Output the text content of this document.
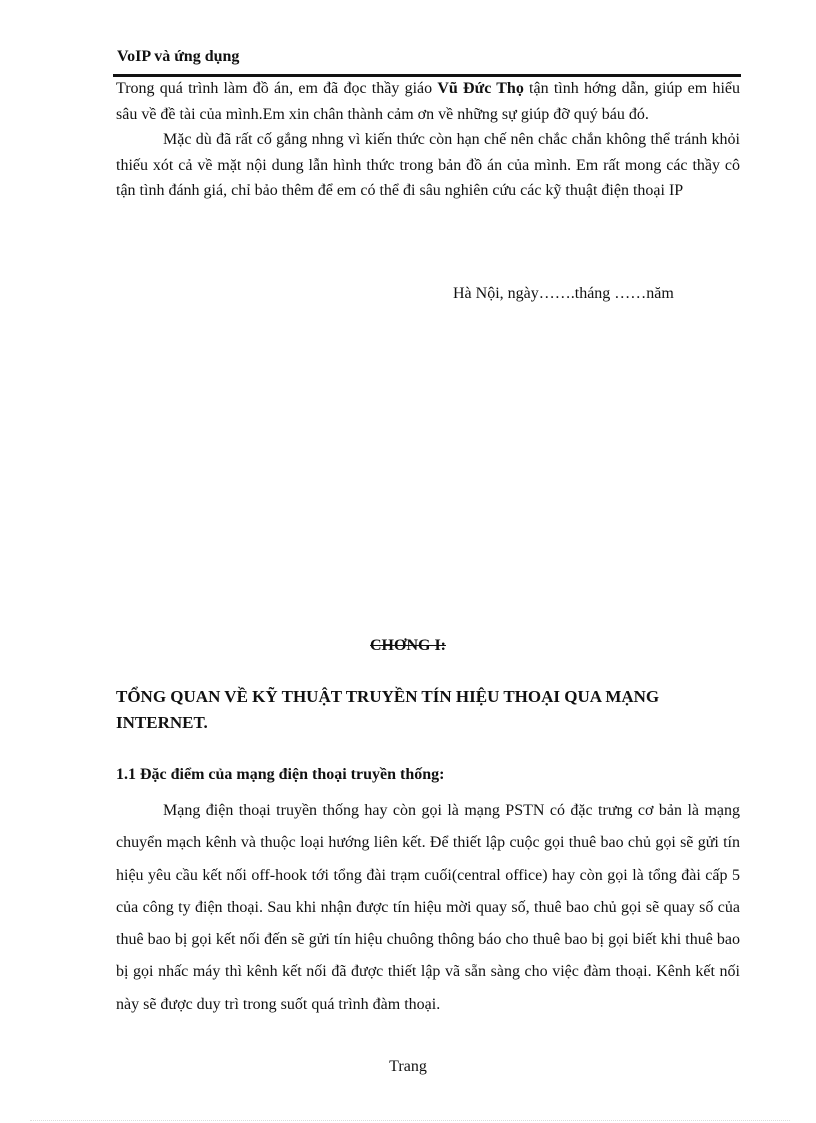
VoIP và ứng dụng

Trong quá trình làm đồ án, em đã đọc thầy giáo Vũ Đức Thọ tận tình hớng dẫn, giúp em hiểu sâu về đề tài của mình.Em xin chân thành cảm ơn về những sự giúp đỡ quý báu đó.

Mặc dù đã rất cố gắng nhng vì kiến thức còn hạn chế nên chắc chắn không thể tránh khỏi thiếu xót cả về mặt nội dung lẫn hình thức trong bản đồ án của mình. Em rất mong các thầy cô tận tình đánh giá, chỉ bảo thêm để em có thể đi sâu nghiên cứu các kỹ thuật điện thoại IP

Hà Nội, ngày…….tháng ……năm
CHƠNG I:
TỔNG QUAN VỀ KỸ THUẬT TRUYỀN TÍN HIỆU THOẠI QUA MẠNG INTERNET.
1.1 Đặc điểm của mạng điện thoại truyền thống:

Mạng điện thoại truyền thống hay còn gọi là mạng PSTN có đặc trưng cơ bản là mạng chuyển mạch kênh và thuộc loại hướng liên kết. Để thiết lập cuộc gọi thuê bao chủ gọi sẽ gửi tín hiệu yêu cầu kết nối off-hook tới tổng đài trạm cuối(central office) hay còn gọi là tổng đài cấp 5 của công ty điện thoại. Sau khi nhận được tín hiệu mời quay số, thuê bao chủ gọi sẽ quay số của thuê bao bị gọi kết nối đến sẽ gửi tín hiệu chuông thông báo cho thuê bao bị gọi biết khi thuê bao bị gọi nhấc máy thì kênh kết nối đã được thiết lập vã sẵn sàng cho việc đàm thoại. Kênh kết nối này sẽ được duy trì trong suốt quá trình đàm thoại.

Trang
